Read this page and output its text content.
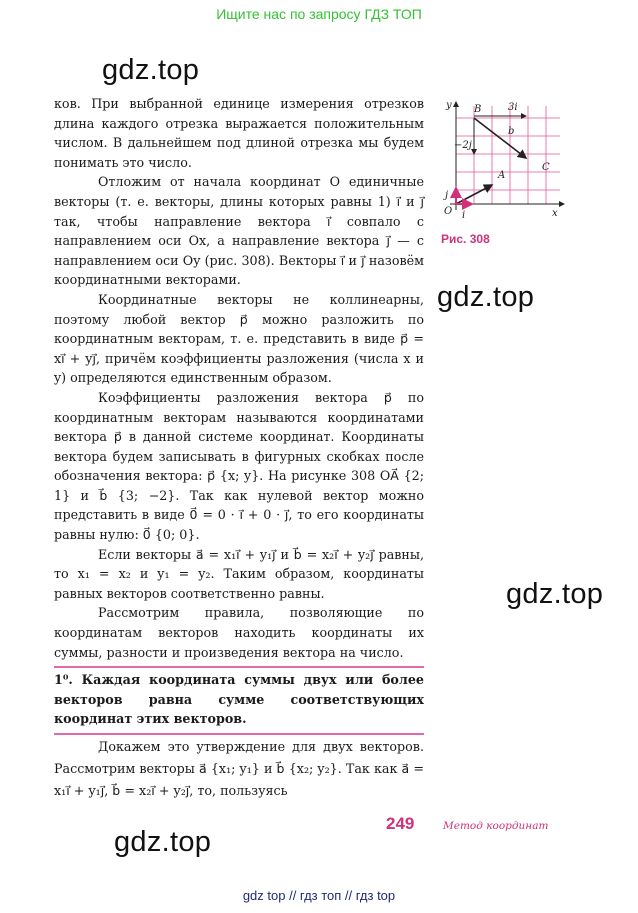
Ищите нас по запросу ГДЗ ТОП
gdz.top
gdz.top
gdz.top
gdz.top

ков. При выбранной единице измерения отрезков длина каждого отрезка выражается положительным числом. В дальнейшем под длиной отрезка мы будем понимать это число.

Отложим от начала координат O единичные векторы (т. е. векторы, длины которых равны 1) i⃗ и j⃗ так, чтобы направление вектора i⃗ совпало с направлением оси Ox, а направление вектора j⃗ — с направлением оси Oy (рис. 308). Векторы i⃗ и j⃗ назовём координатными векторами.

Координатные векторы не коллинеарны, поэтому любой вектор p⃗ можно разложить по координатным векторам, т. е. представить в виде p⃗ = xi⃗ + yj⃗, причём коэффициенты разложения (числа x и y) определяются единственным образом.

Коэффициенты разложения вектора p⃗ по координатным векторам называются координатами вектора p⃗ в данной системе координат. Координаты вектора будем записывать в фигурных скобках после обозначения вектора: p⃗ {x; y}. На рисунке 308 OA⃗ {2; 1} и b⃗ {3; −2}. Так как нулевой вектор можно представить в виде 0⃗ = 0 · i⃗ + 0 · j⃗, то его координаты равны нулю: 0⃗ {0; 0}.

Если векторы a⃗ = x₁i⃗ + y₁j⃗ и b⃗ = x₂i⃗ + y₂j⃗ равны, то x₁ = x₂ и y₁ = y₂. Таким образом, координаты равных векторов соответственно равны.

Рассмотрим правила, позволяющие по координатам векторов находить координаты их суммы, разности и произведения вектора на число.

1⁰. Каждая координата суммы двух или более векторов равна сумме соответствующих координат этих векторов.

Докажем это утверждение для двух векторов. Рассмотрим векторы a⃗ {x₁; y₁} и b⃗ {x₂; y₂}. Так как a⃗ = x₁i⃗ + y₁j⃗, b⃗ = x₂i⃗ + y₂j⃗, то, пользуясь

y
x
O
A
B
C
b
3i
−2j
i
j
Рис. 308
249	Метод координат
gdz top // гдз топ // гдз top
